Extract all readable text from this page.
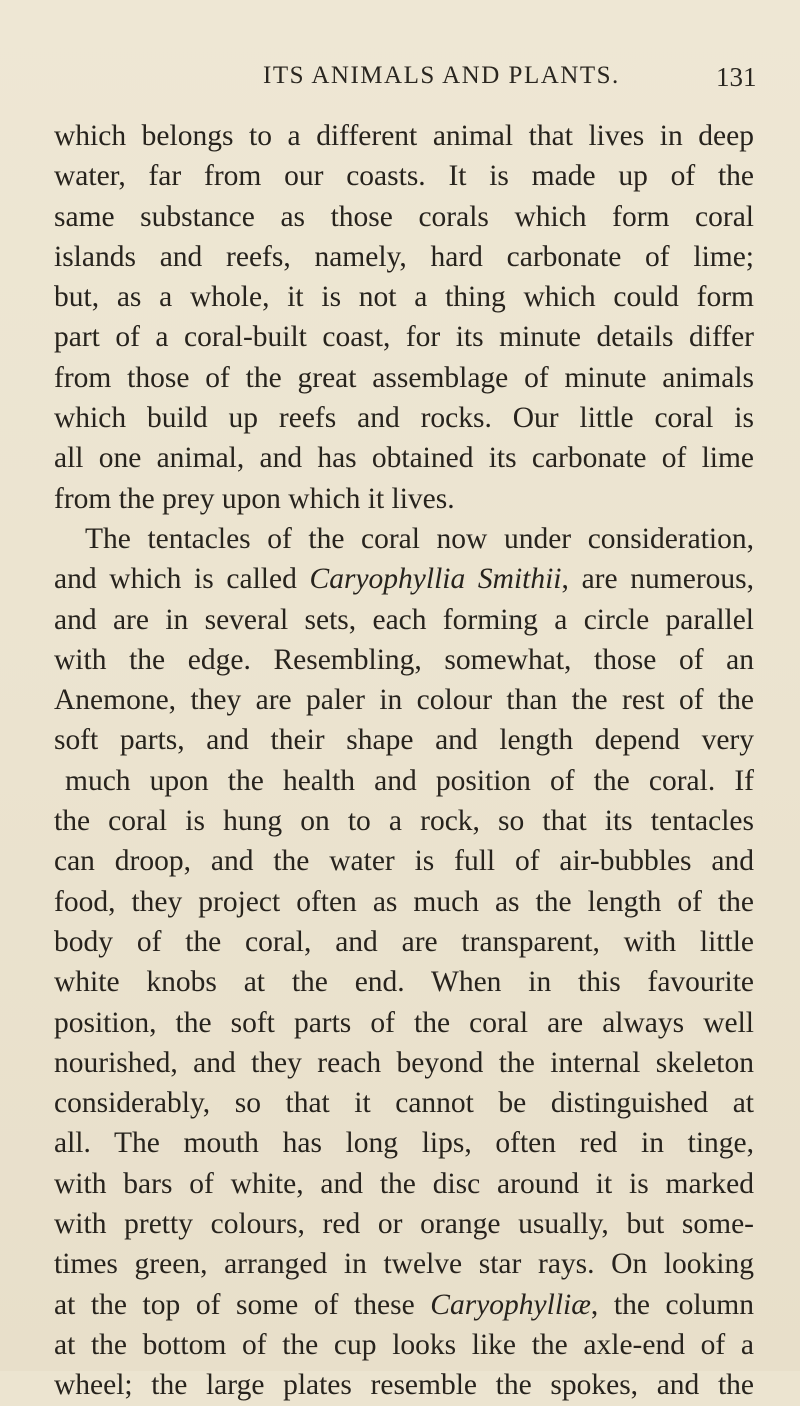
ITS ANIMALS AND PLANTS.	131
which belongs to a different animal that lives in deep
water, far from our coasts. It is made up of the
same substance as those corals which form coral
islands and reefs, namely, hard carbonate of lime;
but, as a whole, it is not a thing which could form
part of a coral-built coast, for its minute details differ
from those of the great assemblage of minute animals
which build up reefs and rocks. Our little coral is
all one animal, and has obtained its carbonate of lime
from the prey upon which it lives.
The tentacles of the coral now under consideration,
and which is called Caryophyllia Smithii, are numerous,
and are in several sets, each forming a circle parallel
with the edge. Resembling, somewhat, those of an
Anemone, they are paler in colour than the rest of the
soft parts, and their shape and length depend very
much upon the health and position of the coral. If
the coral is hung on to a rock, so that its tentacles
can droop, and the water is full of air-bubbles and
food, they project often as much as the length of the
body of the coral, and are transparent, with little
white knobs at the end. When in this favourite
position, the soft parts of the coral are always well
nourished, and they reach beyond the internal skeleton
considerably, so that it cannot be distinguished at
all. The mouth has long lips, often red in tinge,
with bars of white, and the disc around it is marked
with pretty colours, red or orange usually, but some-
times green, arranged in twelve star rays. On looking
at the top of some of these Caryophylliæ, the column
at the bottom of the cup looks like the axle-end of a
wheel; the large plates resemble the spokes, and the
